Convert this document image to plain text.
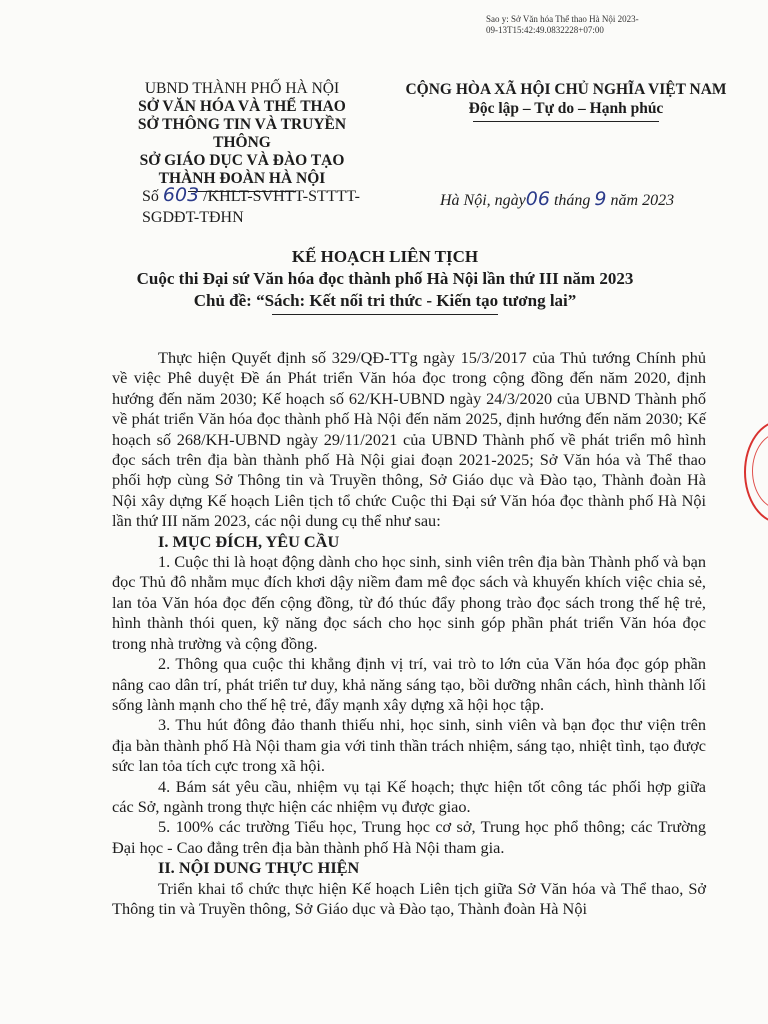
Sao y: Sở Văn hóa Thể thao Hà Nội 2023-
09-13T15:42:49.0832228+07:00
UBND THÀNH PHỐ HÀ NỘI
SỞ VĂN HÓA VÀ THỂ THAO
SỞ THÔNG TIN VÀ TRUYỀN THÔNG
SỞ GIÁO DỤC VÀ ĐÀO TẠO
THÀNH ĐOÀN HÀ NỘI
CỘNG HÒA XÃ HỘI CHỦ NGHĨA VIỆT NAM
Độc lập – Tự do – Hạnh phúc
Số 603 /KHLT-SVHTT-STTTT-
SGDĐT-TĐHN
Hà Nội, ngày06 tháng 9 năm 2023
KẾ HOẠCH LIÊN TỊCH
Cuộc thi Đại sứ Văn hóa đọc thành phố Hà Nội lần thứ III năm 2023
Chủ đề: “Sách: Kết nối tri thức - Kiến tạo tương lai”

Thực hiện Quyết định số 329/QĐ-TTg ngày 15/3/2017 của Thủ tướng Chính phủ về việc Phê duyệt Đề án Phát triển Văn hóa đọc trong cộng đồng đến năm 2020, định hướng đến năm 2030; Kế hoạch số 62/KH-UBND ngày 24/3/2020 của UBND Thành phố về phát triển Văn hóa đọc thành phố Hà Nội đến năm 2025, định hướng đến năm 2030; Kế hoạch số 268/KH-UBND ngày 29/11/2021 của UBND Thành phố về phát triển mô hình đọc sách trên địa bàn thành phố Hà Nội giai đoạn 2021-2025; Sở Văn hóa và Thể thao phối hợp cùng Sở Thông tin và Truyền thông, Sở Giáo dục và Đào tạo, Thành đoàn Hà Nội xây dựng Kế hoạch Liên tịch tổ chức Cuộc thi Đại sứ Văn hóa đọc thành phố Hà Nội lần thứ III năm 2023, các nội dung cụ thể như sau:

I. MỤC ĐÍCH, YÊU CẦU

1. Cuộc thi là hoạt động dành cho học sinh, sinh viên trên địa bàn Thành phố và bạn đọc Thủ đô nhằm mục đích khơi dậy niềm đam mê đọc sách và khuyến khích việc chia sẻ, lan tỏa Văn hóa đọc đến cộng đồng, từ đó thúc đẩy phong trào đọc sách trong thế hệ trẻ, hình thành thói quen, kỹ năng đọc sách cho học sinh góp phần phát triển Văn hóa đọc trong nhà trường và cộng đồng.

2. Thông qua cuộc thi khẳng định vị trí, vai trò to lớn của Văn hóa đọc góp phần nâng cao dân trí, phát triển tư duy, khả năng sáng tạo, bồi dưỡng nhân cách, hình thành lối sống lành mạnh cho thế hệ trẻ, đẩy mạnh xây dựng xã hội học tập.

3. Thu hút đông đảo thanh thiếu nhi, học sinh, sinh viên và bạn đọc thư viện trên địa bàn thành phố Hà Nội tham gia với tinh thần trách nhiệm, sáng tạo, nhiệt tình, tạo được sức lan tỏa tích cực trong xã hội.

4. Bám sát yêu cầu, nhiệm vụ tại Kế hoạch; thực hiện tốt công tác phối hợp giữa các Sở, ngành trong thực hiện các nhiệm vụ được giao.

5. 100% các trường Tiểu học, Trung học cơ sở, Trung học phổ thông; các Trường Đại học - Cao đẳng trên địa bàn thành phố Hà Nội tham gia.

II. NỘI DUNG THỰC HIỆN

Triển khai tổ chức thực hiện Kế hoạch Liên tịch giữa Sở Văn hóa và Thể thao, Sở Thông tin và Truyền thông, Sở Giáo dục và Đào tạo, Thành đoàn Hà Nội
